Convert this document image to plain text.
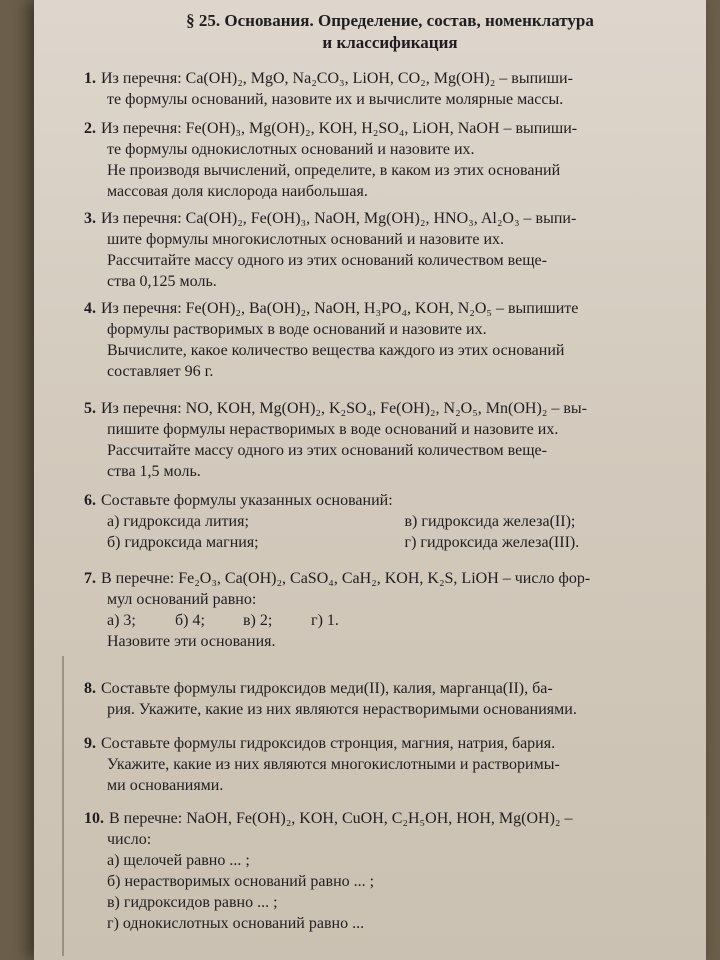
§ 25. Основания. Определение, состав, номенклатура
и классификация
1. Из перечня: Ca(OH)₂, MgO, Na₂CO₃, LiOH, CO₂, Mg(OH)₂ – выпиши-
те формулы оснований, назовите их и вычислите молярные массы.
2. Из перечня: Fe(OH)₃, Mg(OH)₂, KOH, H₂SO₄, LiOH, NaOH – выпиши-
те формулы однокислотных оснований и назовите их.
Не производя вычислений, определите, в каком из этих оснований
массовая доля кислорода наибольшая.
3. Из перечня: Ca(OH)₂, Fe(OH)₃, NaOH, Mg(OH)₂, HNO₃, Al₂O₃ – выпи-
шите формулы многокислотных оснований и назовите их.
Рассчитайте массу одного из этих оснований количеством веще-
ства 0,125 моль.
4. Из перечня: Fe(OH)₂, Ba(OH)₂, NaOH, H₃PO₄, KOH, N₂O₅ – выпишите
формулы растворимых в воде оснований и назовите их.
Вычислите, какое количество вещества каждого из этих оснований
составляет 96 г.
5. Из перечня: NO, KOH, Mg(OH)₂, K₂SO₄, Fe(OH)₂, N₂O₅, Mn(OH)₂ – вы-
пишите формулы нерастворимых в воде оснований и назовите их.
Рассчитайте массу одного из этих оснований количеством веще-
ства 1,5 моль.
6. Составьте формулы указанных оснований:
а) гидроксида лития;
б) гидроксида магния;
в) гидроксида железа(II);
г) гидроксида железа(III).
7. В перечне: Fe₂O₃, Ca(OH)₂, CaSO₄, CaH₂, KOH, K₂S, LiOH – число фор-
мул оснований равно:
а) 3; б) 4; в) 2; г) 1.
Назовите эти основания.
8. Составьте формулы гидроксидов меди(II), калия, марганца(II), ба-
рия. Укажите, какие из них являются нерастворимыми основаниями.
9. Составьте формулы гидроксидов стронция, магния, натрия, бария.
Укажите, какие из них являются многокислотными и растворимы-
ми основаниями.
10. В перечне: NaOH, Fe(OH)₂, KOH, CuOH, C₂H₅OH, HOH, Mg(OH)₂ –
число:
а) щелочей равно ... ;
б) нерастворимых оснований равно ... ;
в) гидроксидов равно ... ;
г) однокислотных оснований равно ...
